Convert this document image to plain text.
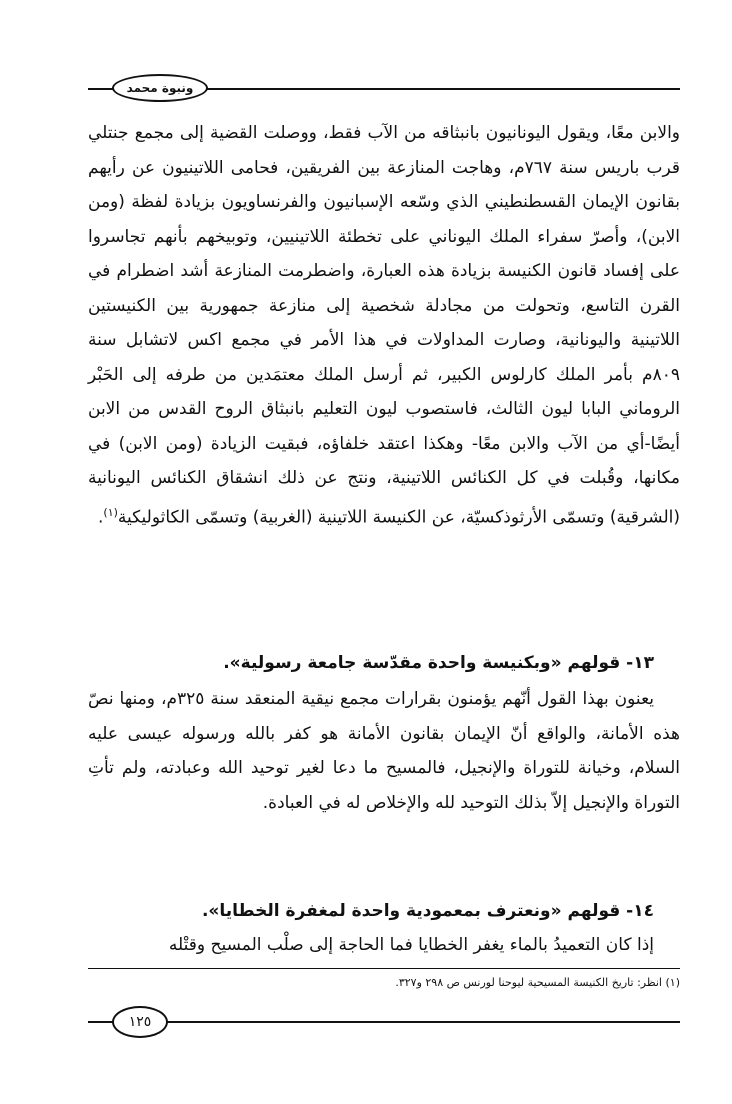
ونبوة محمد

والابن معًا، ويقول اليونانيون بانبثاقه من الآب فقط، ووصلت القضية إلى مجمع جنتلي قرب باريس سنة ٧٦٧م، وهاجت المنازعة بين الفريقين، فحامى اللاتينيون عن رأيهم بقانون الإيمان القسطنطيني الذي وسّعه الإسبانيون والفرنساويون بزيادة لفظة (ومن الابن)، وأصرّ سفراء الملك اليوناني على تخطئة اللاتينيين، وتوبيخهم بأنهم تجاسروا على إفساد قانون الكنيسة بزيادة هذه العبارة، واضطرمت المنازعة أشد اضطرام في القرن التاسع، وتحولت من مجادلة شخصية إلى منازعة جمهورية بين الكنيستين اللاتينية واليونانية، وصارت المداولات في هذا الأمر في مجمع اكس لاتشابل سنة ٨٠٩م بأمر الملك كارلوس الكبير، ثم أرسل الملك معتمَدين من طرفه إلى الحَبْر الروماني البابا ليون الثالث، فاستصوب ليون التعليم بانبثاق الروح القدس من الابن أيضًا-أي من الآب والابن معًا- وهكذا اعتقد خلفاؤه، فبقيت الزيادة (ومن الابن) في مكانها، وقُبلت في كل الكنائس اللاتينية، ونتج عن ذلك انشقاق الكنائس اليونانية (الشرقية) وتسمّى الأرثوذكسيّة، عن الكنيسة اللاتينية (الغربية) وتسمّى الكاثوليكية$^{(١)}$.

١٣- قولهم «وبكنيسة واحدة مقدّسة جامعة رسولية».

يعنون بهذا القول أنّهم يؤمنون بقرارات مجمع نيقية المنعقد سنة ٣٢٥م، ومنها نصّ هذه الأمانة، والواقع أنّ الإيمان بقانون الأمانة هو كفر بالله ورسوله عيسى عليه السلام، وخيانة للتوراة والإنجيل، فالمسيح ما دعا لغير توحيد الله وعبادته، ولم تأتِ التوراة والإنجيل إلاّ بذلك التوحيد لله والإخلاص له في العبادة.

١٤- قولهم «ونعترف بمعمودية واحدة لمغفرة الخطايا».

إذا كان التعميدُ بالماء يغفر الخطايا فما الحاجة إلى صلْب المسيح وقتْله

(١) انظر: تاريخ الكنيسة المسيحية ليوحنا لورنس ص ٢٩٨ و٣٢٧.
١٢٥
